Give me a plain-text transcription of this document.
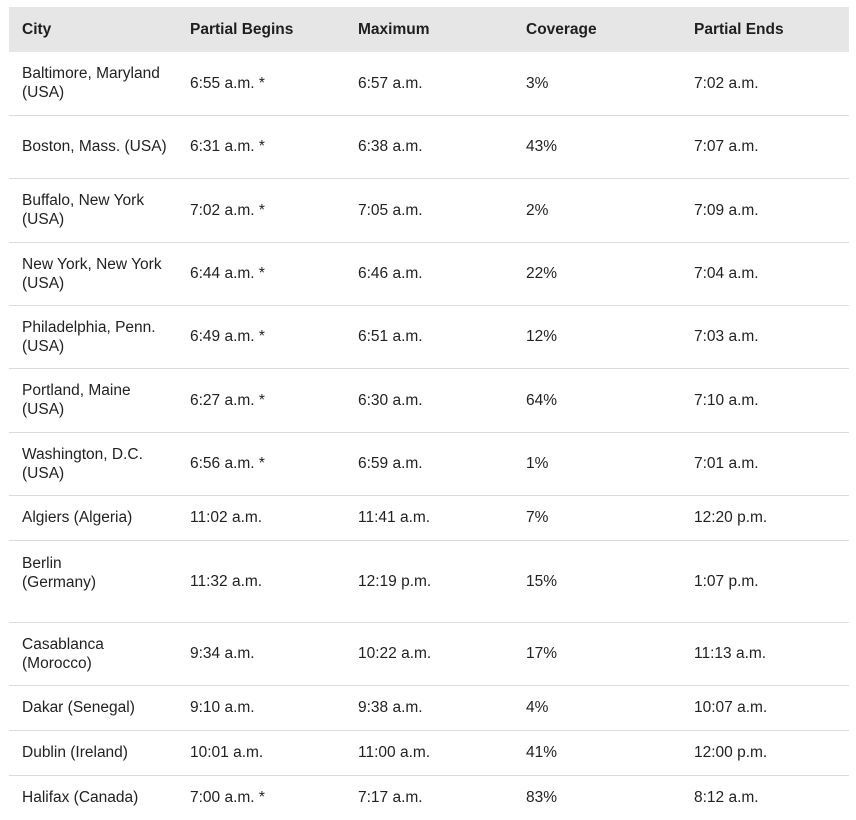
City	Partial Begins	Maximum	Coverage	Partial Ends
Baltimore, Maryland (USA)	6:55 a.m. *	6:57 a.m.	3%	7:02 a.m.
Boston, Mass. (USA)	6:31 a.m. *	6:38 a.m.	43%	7:07 a.m.
Buffalo, New York (USA)	7:02 a.m. *	7:05 a.m.	2%	7:09 a.m.
New York, New York (USA)	6:44 a.m. *	6:46 a.m.	22%	7:04 a.m.
Philadelphia, Penn. (USA)	6:49 a.m. *	6:51 a.m.	12%	7:03 a.m.
Portland, Maine (USA)	6:27 a.m. *	6:30 a.m.	64%	7:10 a.m.
Washington, D.C. (USA)	6:56 a.m. *	6:59 a.m.	1%	7:01 a.m.
Algiers (Algeria)	11:02 a.m.	11:41 a.m.	7%	12:20 p.m.

Berlin (Germany)	11:32 a.m.	12:19 p.m.	15%	1:07 p.m.

Casablanca (Morocco)	9:34 a.m.	10:22 a.m.	17%	11:13 a.m.
Dakar (Senegal)	9:10 a.m.	9:38 a.m.	4%	10:07 a.m.
Dublin (Ireland)	10:01 a.m.	11:00 a.m.	41%	12:00 p.m.
Halifax (Canada)	7:00 a.m. *	7:17 a.m.	83%	8:12 a.m.
